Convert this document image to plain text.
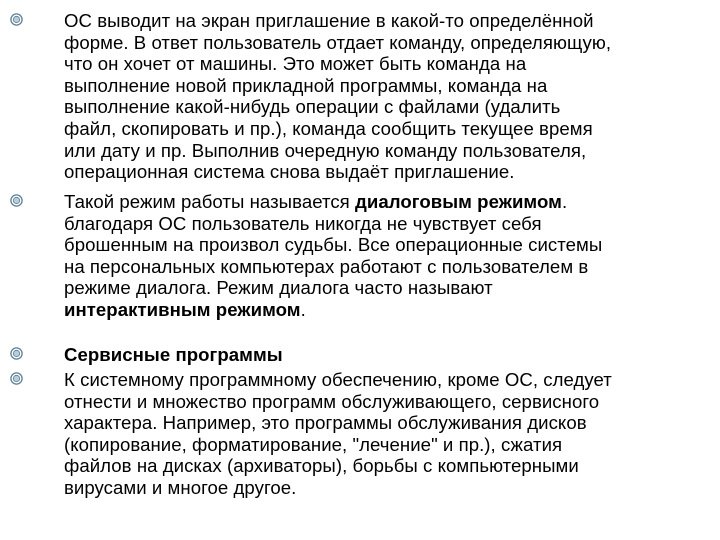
ОС выводит на экран приглашение в какой-то определённой
форме. В ответ пользователь отдает команду, определяющую,
что он хочет от машины. Это может быть команда на
выполнение новой прикладной программы, команда на
выполнение какой-нибудь операции с файлами (удалить
файл, скопировать и пр.), команда сообщить текущее время
или дату и пр. Выполнив очередную команду пользователя,
операционная система снова выдаёт приглашение.
Такой режим работы называется диалоговым режимом.
благодаря ОС пользователь никогда не чувствует себя
брошенным на произвол судьбы. Все операционные системы
на персональных компьютерах работают с пользователем в
режиме диалога. Режим диалога часто называют
интерактивным режимом.
Сервисные программы
К системному программному обеспечению, кроме ОС, следует
отнести и множество программ обслуживающего, сервисного
характера. Например, это программы обслуживания дисков
(копирование, форматирование, "лечение" и пр.), сжатия
файлов на дисках (архиваторы), борьбы с компьютерными
вирусами и многое другое.
